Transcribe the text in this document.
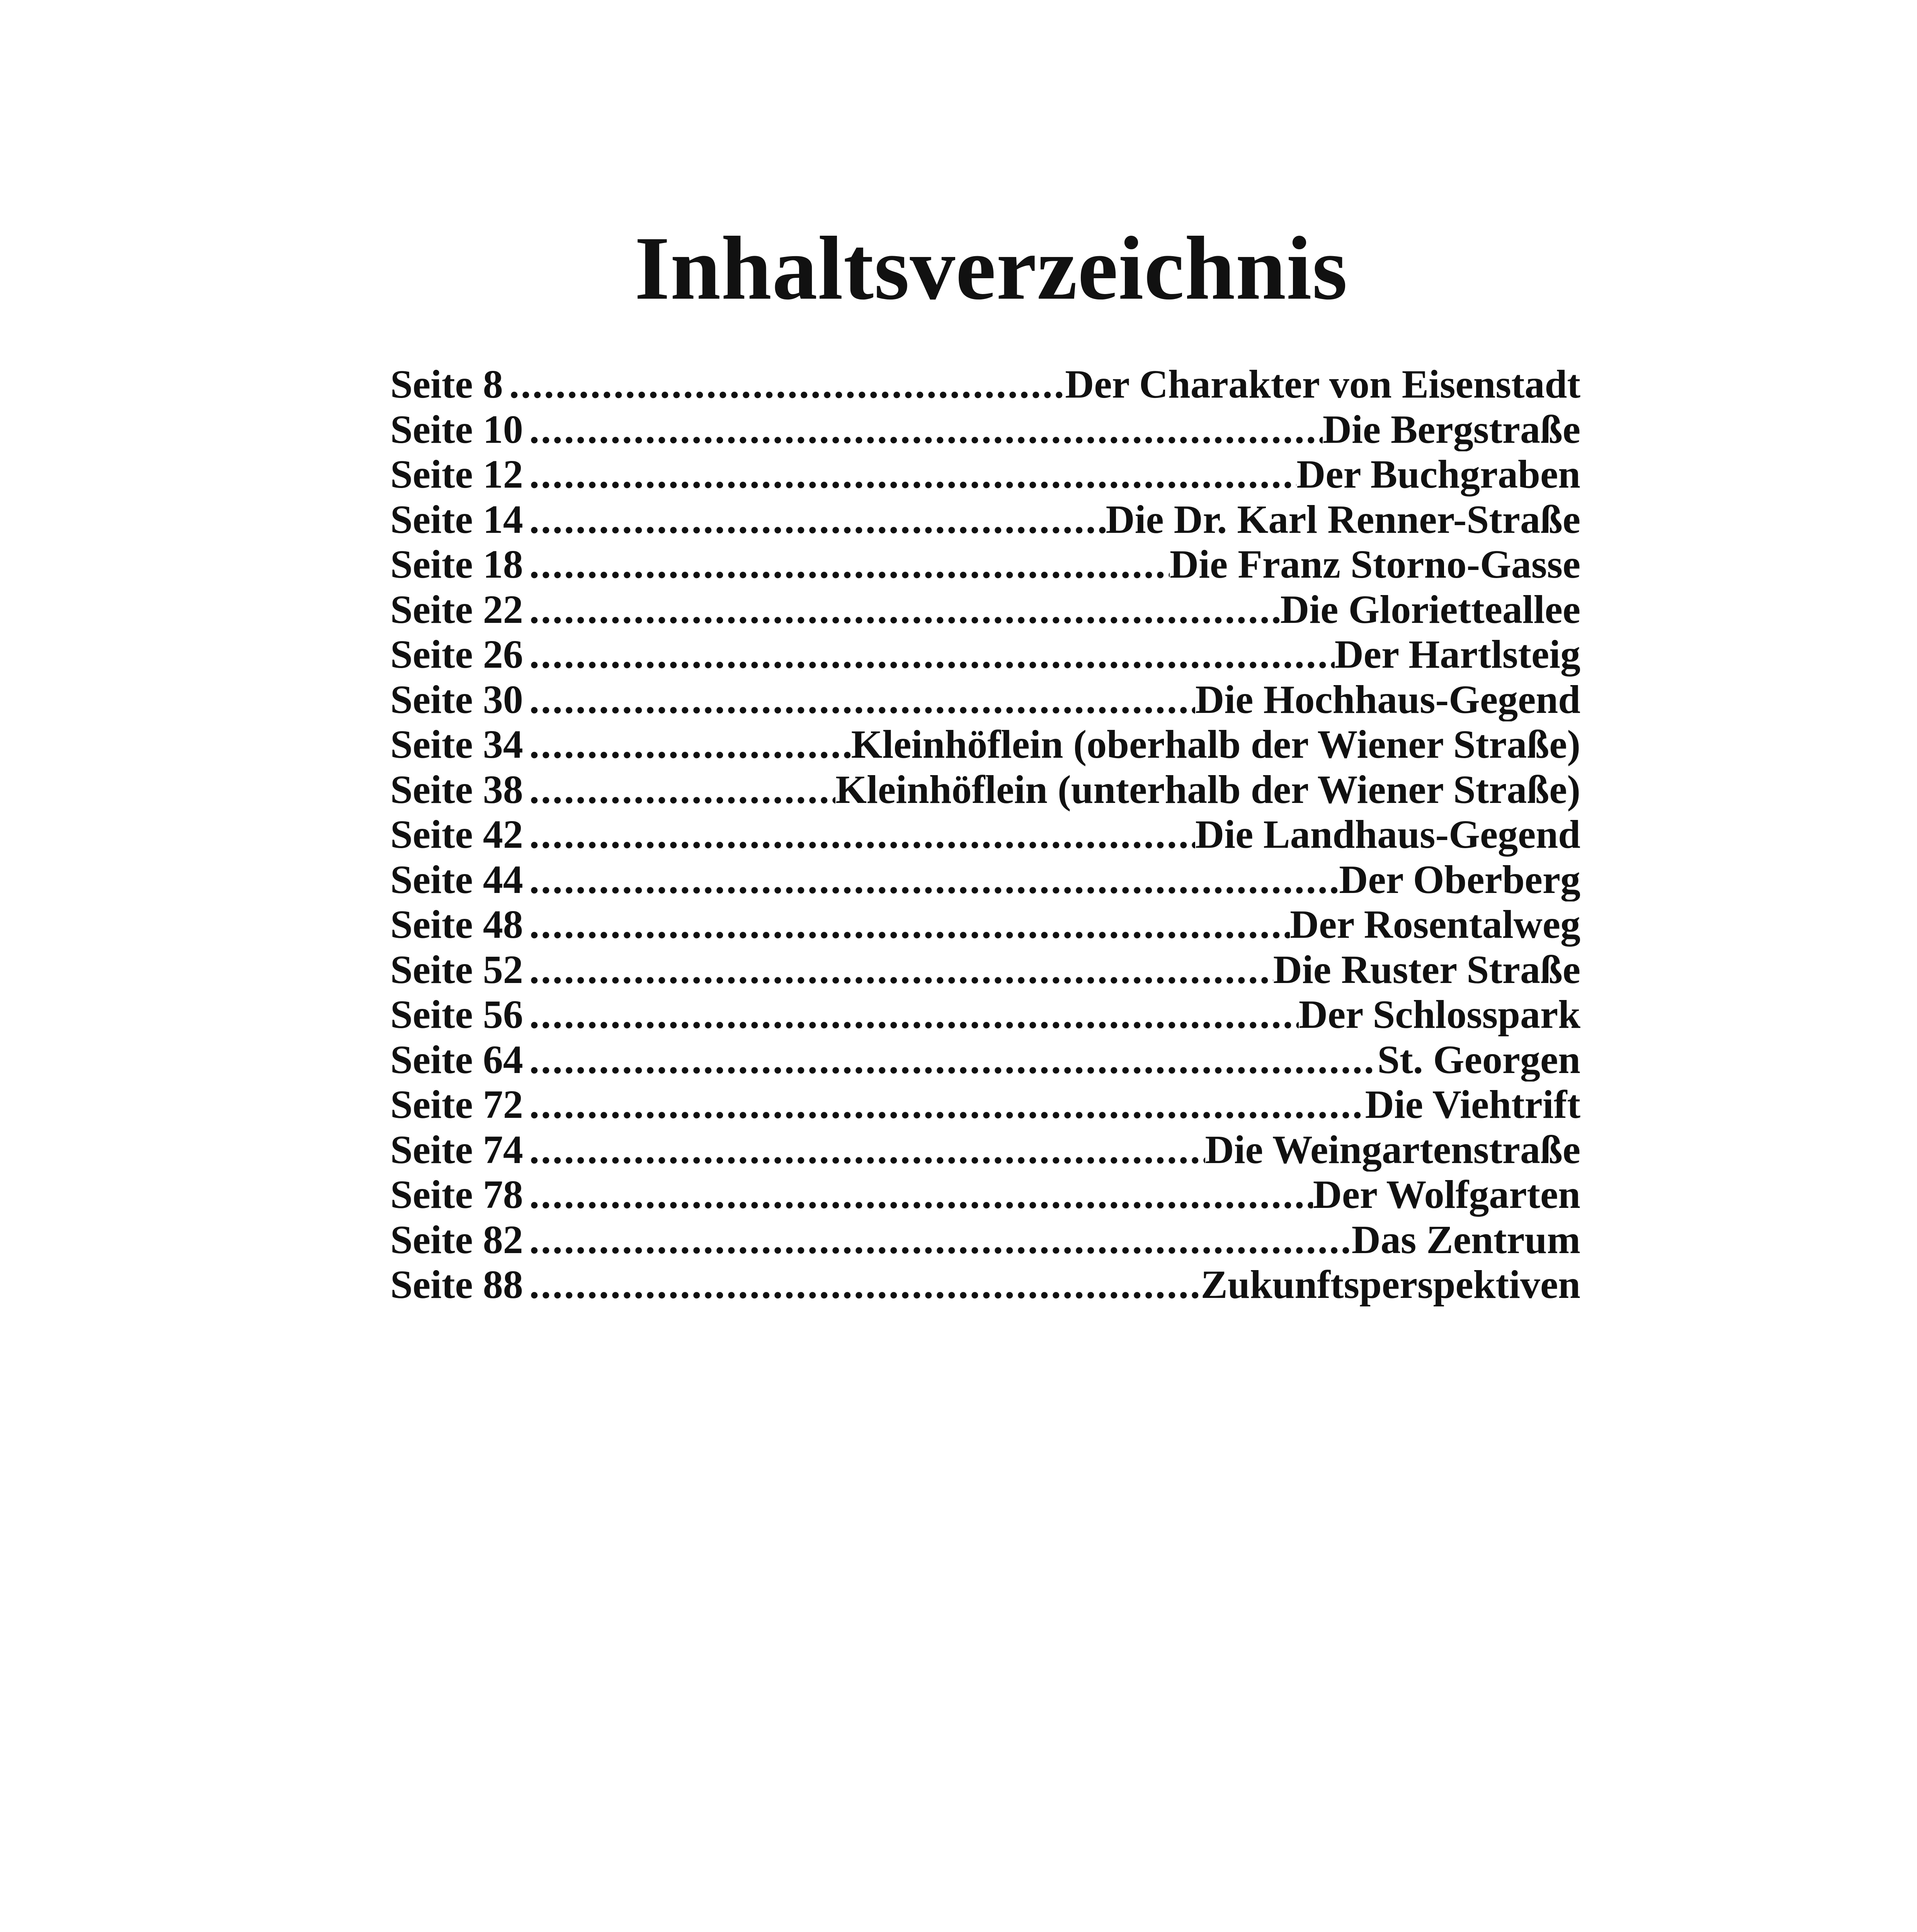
Inhaltsverzeichnis
Seite 8 .....	Der Charakter von Eisenstadt
Seite 10 .....	Die Bergstraße
Seite 12 .....	Der Buchgraben
Seite 14 .....	Die Dr. Karl Renner-Straße
Seite 18 .....	Die Franz Storno-Gasse
Seite 22 .....	Die Glorietteallee
Seite 26 .....	Der Hartlsteig
Seite 30 .....	Die Hochhaus-Gegend
Seite 34 .....	Kleinhöflein (oberhalb der Wiener Straße)
Seite 38 .....	Kleinhöflein (unterhalb der Wiener Straße)
Seite 42 .....	Die Landhaus-Gegend
Seite 44 .....	Der Oberberg
Seite 48 .....	Der Rosentalweg
Seite 52 .....	Die Ruster Straße
Seite 56 .....	Der Schlosspark
Seite 64 .....	St. Georgen
Seite 72 .....	Die Viehtrift
Seite 74 .....	Die Weingartenstraße
Seite 78 .....	Der Wolfgarten
Seite 82 .....	Das Zentrum
Seite 88 .....	Zukunftsperspektiven
